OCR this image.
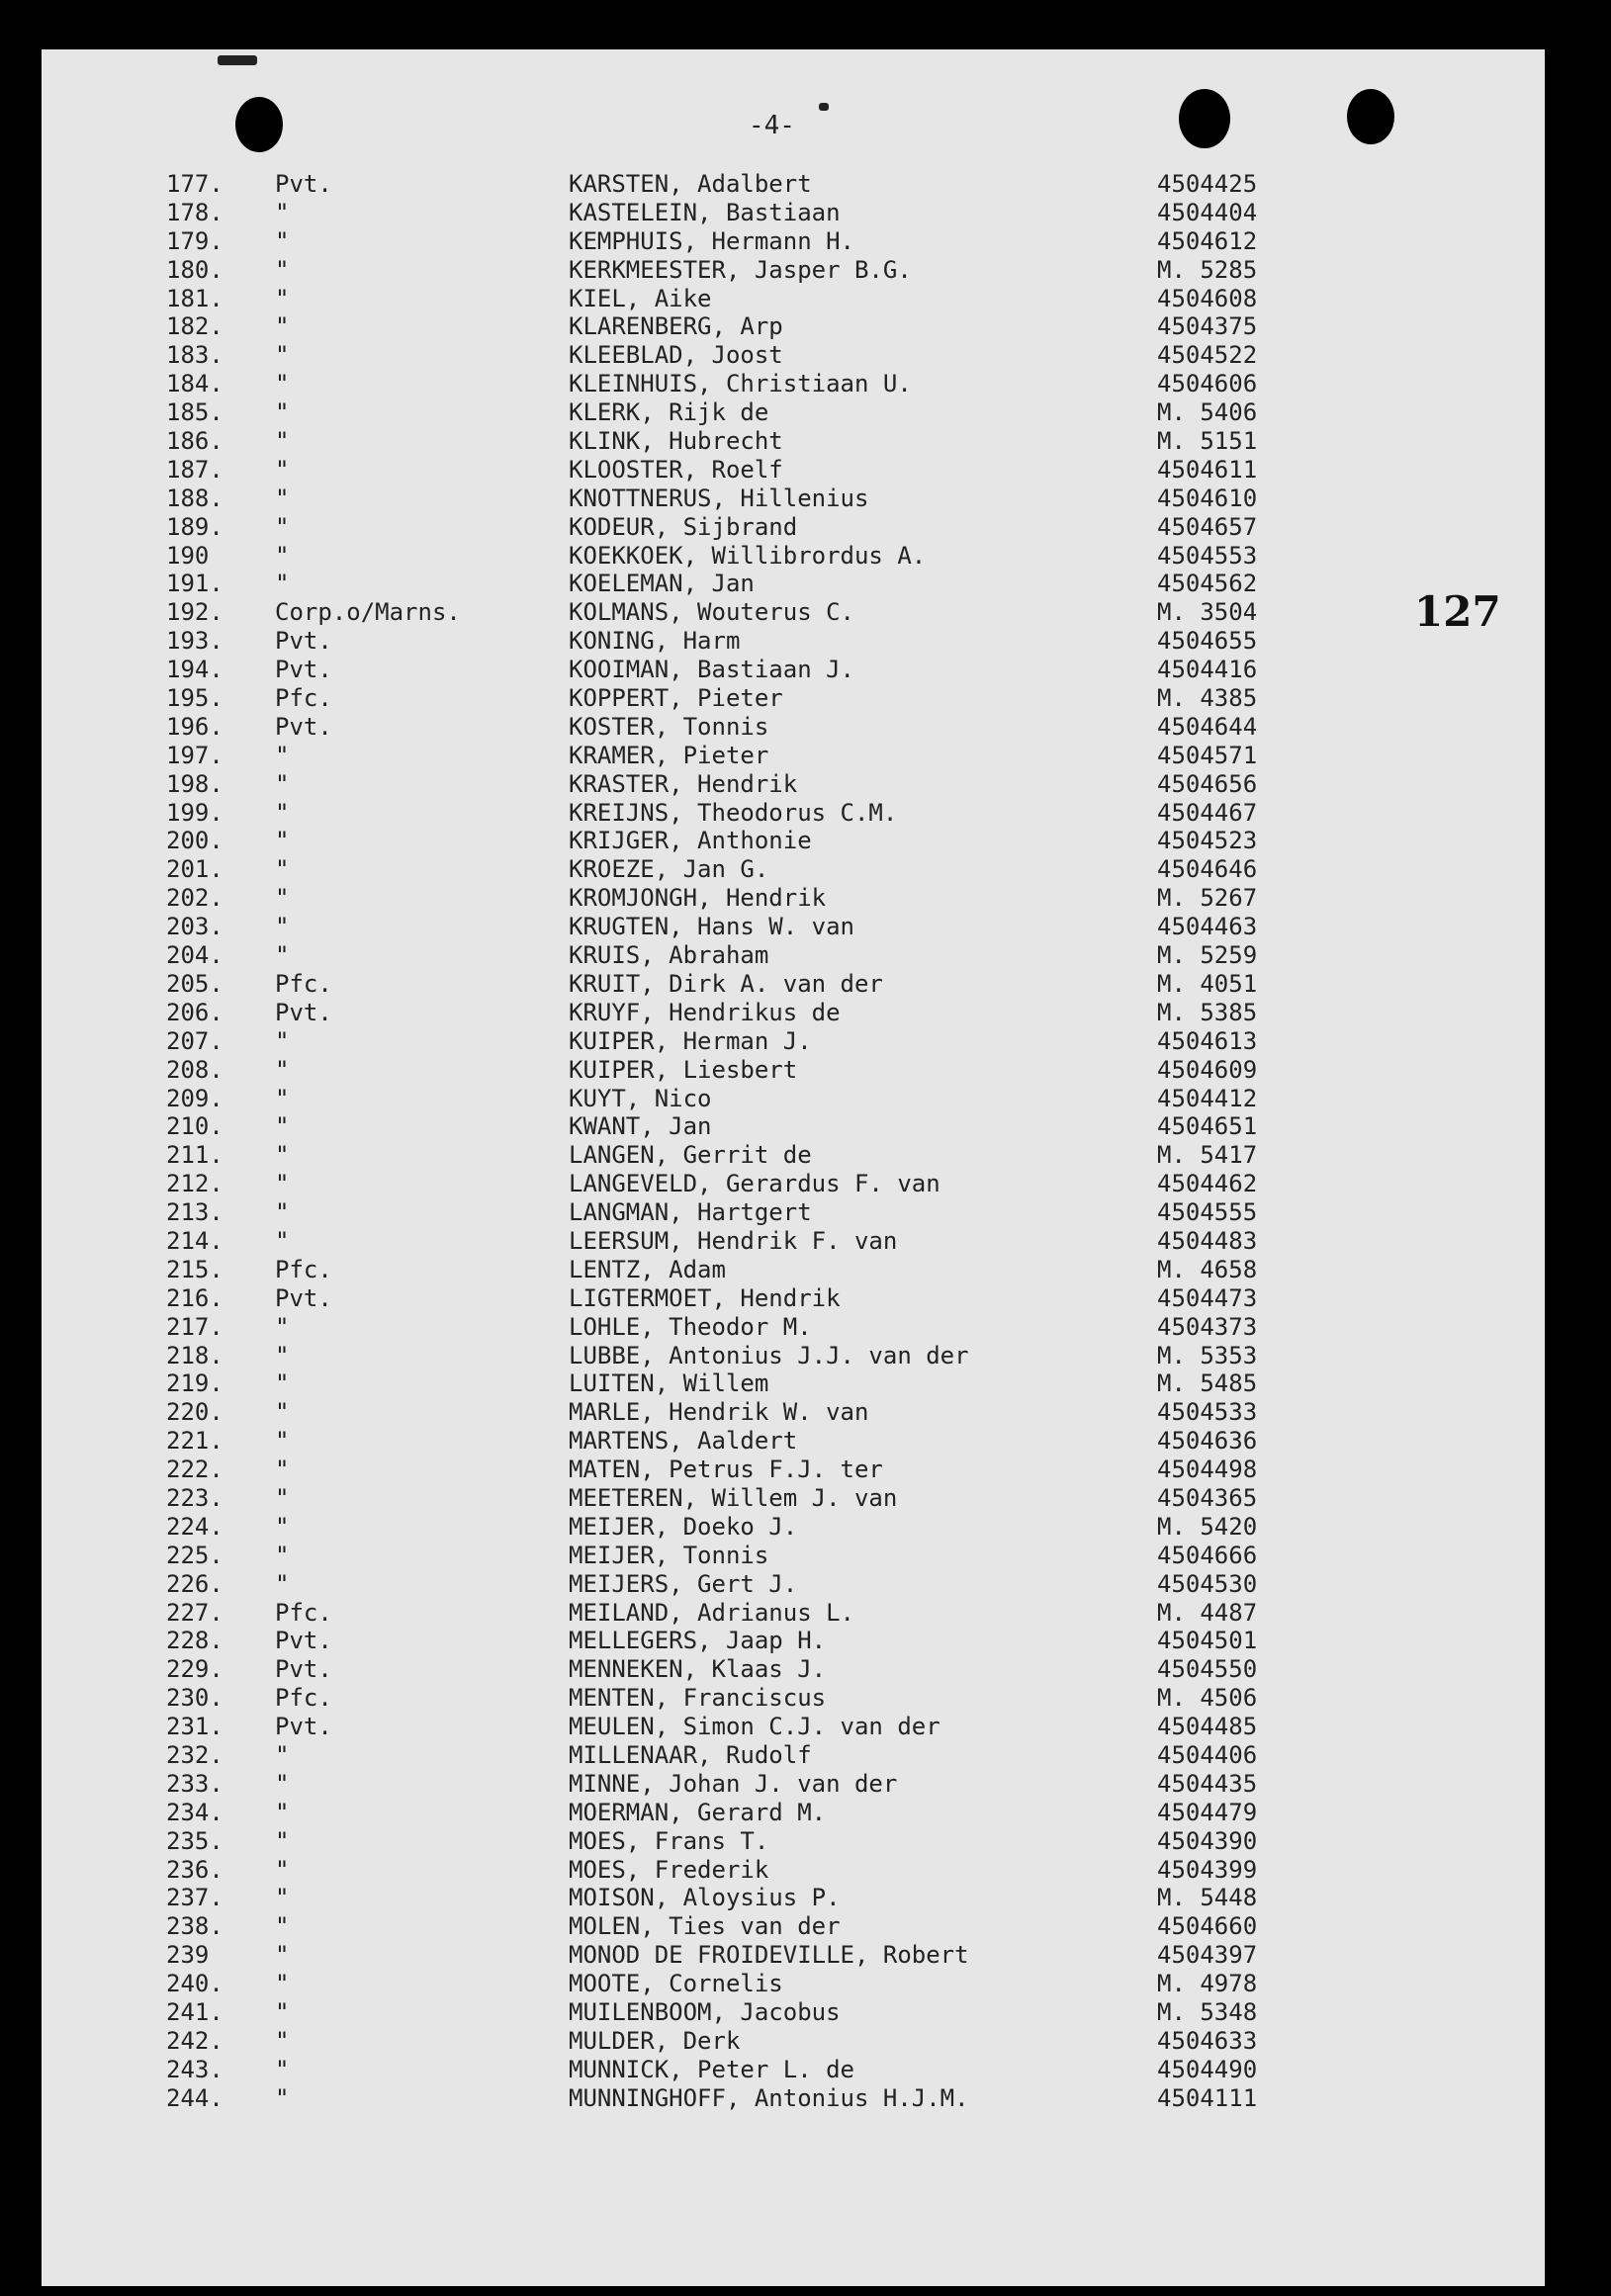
-4-
127
177. Pvt.	KARSTEN, Adalbert	4504425
178. "	KASTELEIN, Bastiaan	4504404
179. "	KEMPHUIS, Hermann H.	4504612
180. "	KERKMEESTER, Jasper B.G.	M. 5285
181. "	KIEL, Aike	4504608
182. "	KLARENBERG, Arp	4504375
183. "	KLEEBLAD, Joost	4504522
184. "	KLEINHUIS, Christiaan U.	4504606
185. "	KLERK, Rijk de	M. 5406
186. "	KLINK, Hubrecht	M. 5151
187. "	KLOOSTER, Roelf	4504611
188. "	KNOTTNERUS, Hillenius	4504610
189. "	KODEUR, Sijbrand	4504657
190	"	KOEKKOEK, Willibrordus A.	4504553
191. "	KOELEMAN, Jan	4504562
192. Corp.o/Marns.	KOLMANS, Wouterus C.	M. 3504
193. Pvt.	KONING, Harm	4504655
194. Pvt.	KOOIMAN, Bastiaan J.	4504416
195. Pfc.	KOPPERT, Pieter	M. 4385
196. Pvt.	KOSTER, Tonnis	4504644
197. "	KRAMER, Pieter	4504571
198. "	KRASTER, Hendrik	4504656
199. "	KREIJNS, Theodorus C.M.	4504467
200. "	KRIJGER, Anthonie	4504523
201. "	KROEZE, Jan G.	4504646
202. "	KROMJONGH, Hendrik	M. 5267
203. "	KRUGTEN, Hans W. van	4504463
204. "	KRUIS, Abraham	M. 5259
205. Pfc.	KRUIT, Dirk A. van der	M. 4051
206. Pvt.	KRUYF, Hendrikus de	M. 5385
207. "	KUIPER, Herman J.	4504613
208. "	KUIPER, Liesbert	4504609
209. "	KUYT, Nico	4504412
210. "	KWANT, Jan	4504651
211. "	LANGEN, Gerrit de	M. 5417
212. "	LANGEVELD, Gerardus F. van	4504462
213. "	LANGMAN, Hartgert	4504555
214. "	LEERSUM, Hendrik F. van	4504483
215. Pfc.	LENTZ, Adam	M. 4658
216. Pvt.	LIGTERMOET, Hendrik	4504473
217. "	LOHLE, Theodor M.	4504373
218. "	LUBBE, Antonius J.J. van der	M. 5353
219. "	LUITEN, Willem	M. 5485
220. "	MARLE, Hendrik W. van	4504533
221. "	MARTENS, Aaldert	4504636
222. "	MATEN, Petrus F.J. ter	4504498
223. "	MEETEREN, Willem J. van	4504365
224. "	MEIJER, Doeko J.	M. 5420
225. "	MEIJER, Tonnis	4504666
226. "	MEIJERS, Gert J.	4504530
227. Pfc.	MEILAND, Adrianus L.	M. 4487
228. Pvt.	MELLEGERS, Jaap H.	4504501
229. Pvt.	MENNEKEN, Klaas J.	4504550
230. Pfc.	MENTEN, Franciscus	M. 4506
231. Pvt.	MEULEN, Simon C.J. van der	4504485
232. "	MILLENAAR, Rudolf	4504406
233. "	MINNE, Johan J. van der	4504435
234. "	MOERMAN, Gerard M.	4504479
235. "	MOES, Frans T.	4504390
236. "	MOES, Frederik	4504399
237. "	MOISON, Aloysius P.	M. 5448
238. "	MOLEN, Ties van der	4504660
239	"	MONOD DE FROIDEVILLE, Robert	4504397
240. "	MOOTE, Cornelis	M. 4978
241. "	MUILENBOOM, Jacobus	M. 5348
242. "	MULDER, Derk	4504633
243. "	MUNNICK, Peter L. de	4504490
244. "	MUNNINGHOFF, Antonius H.J.M.	4504111
